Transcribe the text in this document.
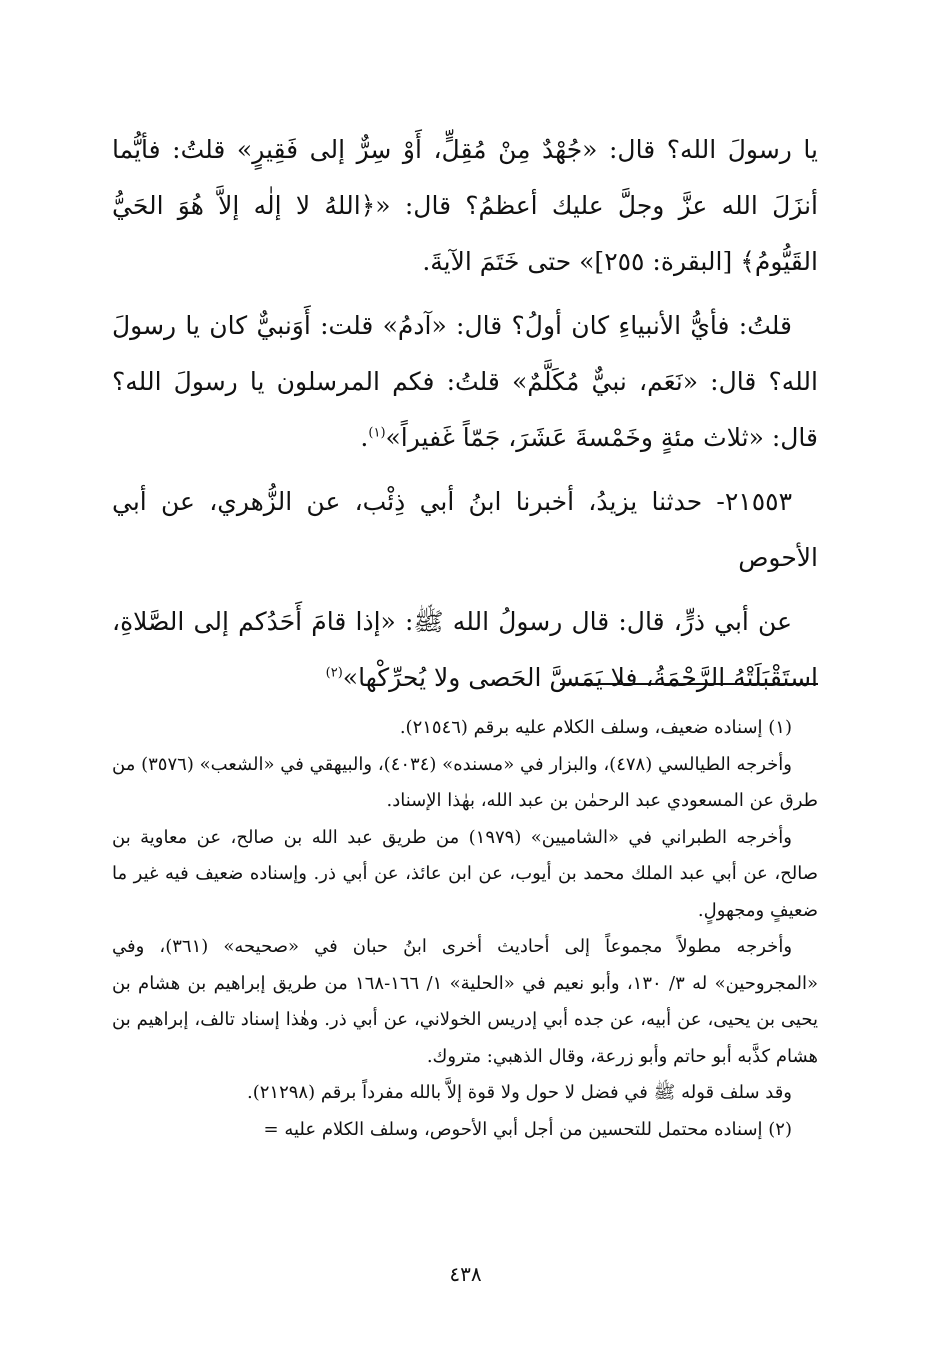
يا رسولَ الله؟ قال: «جُهْدٌ مِنْ مُقِلٍّ، أَوْ سِرٌّ إلى فَقِيرٍ» قلتُ: فأيُّما أنزَلَ الله عزَّ وجلَّ عليك أعظمُ؟ قال: «﴿اللهُ لا إلٰه إلاَّ هُوَ الحَيُّ القَيُّومُ﴾ [البقرة: ٢٥٥]» حتى خَتَمَ الآيةَ.

قلتُ: فأيُّ الأنبياءِ كان أولُ؟ قال: «آدمُ» قلت: أَوَنبيٌّ كان يا رسولَ الله؟ قال: «نَعَم، نبيٌّ مُكَلَّمٌ» قلتُ: فكم المرسلون يا رسولَ الله؟ قال: «ثلاث مئةٍ وخَمْسةَ عَشَرَ، جَمّاً غَفيراً»$^{(١)}$.

٢١٥٥٣- حدثنا يزيدُ، أخبرنا ابنُ أبي ذِئْب، عن الزُّهري، عن أبي الأحوص

عن أبي ذرٍّ، قال: قال رسولُ الله ﷺ: «إذا قامَ أَحَدُكم إلى الصَّلاةِ، استَقْبَلَتْهُ الرَّحْمَةُ، فلا يَمَسَّ الحَصى ولا يُحرِّكْها»$^{(٢)}$

(١) إسناده ضعيف، وسلف الكلام عليه برقم (٢١٥٤٦).

وأخرجه الطيالسي (٤٧٨)، والبزار في «مسنده» (٤٠٣٤)، والبيهقي في «الشعب» (٣٥٧٦) من طرق عن المسعودي عبد الرحمٰن بن عبد الله، بهٰذا الإسناد.

وأخرجه الطبراني في «الشاميين» (١٩٧٩) من طريق عبد الله بن صالح، عن معاوية بن صالح، عن أبي عبد الملك محمد بن أيوب، عن ابن عائذ، عن أبي ذر. وإسناده ضعيف فيه غير ما ضعيفٍ ومجهولٍ.

وأخرجه مطولاً مجموعاً إلى أحاديث أخرى ابنُ حبان في «صحيحه» (٣٦١)، وفي «المجروحين» له ٣/ ١٣٠، وأبو نعيم في «الحلية» ١/ ١٦٦-١٦٨ من طريق إبراهيم بن هشام بن يحيى بن يحيى، عن أبيه، عن جده أبي إدريس الخولاني، عن أبي ذر. وهٰذا إسناد تالف، إبراهيم بن هشام كذَّبه أبو حاتم وأبو زرعة، وقال الذهبي: متروك.

وقد سلف قوله ﷺ في فضل لا حول ولا قوة إلاَّ بالله مفرداً برقم (٢١٢٩٨).

(٢) إسناده محتمل للتحسين من أجل أبي الأحوص، وسلف الكلام عليه =

٤٣٨
